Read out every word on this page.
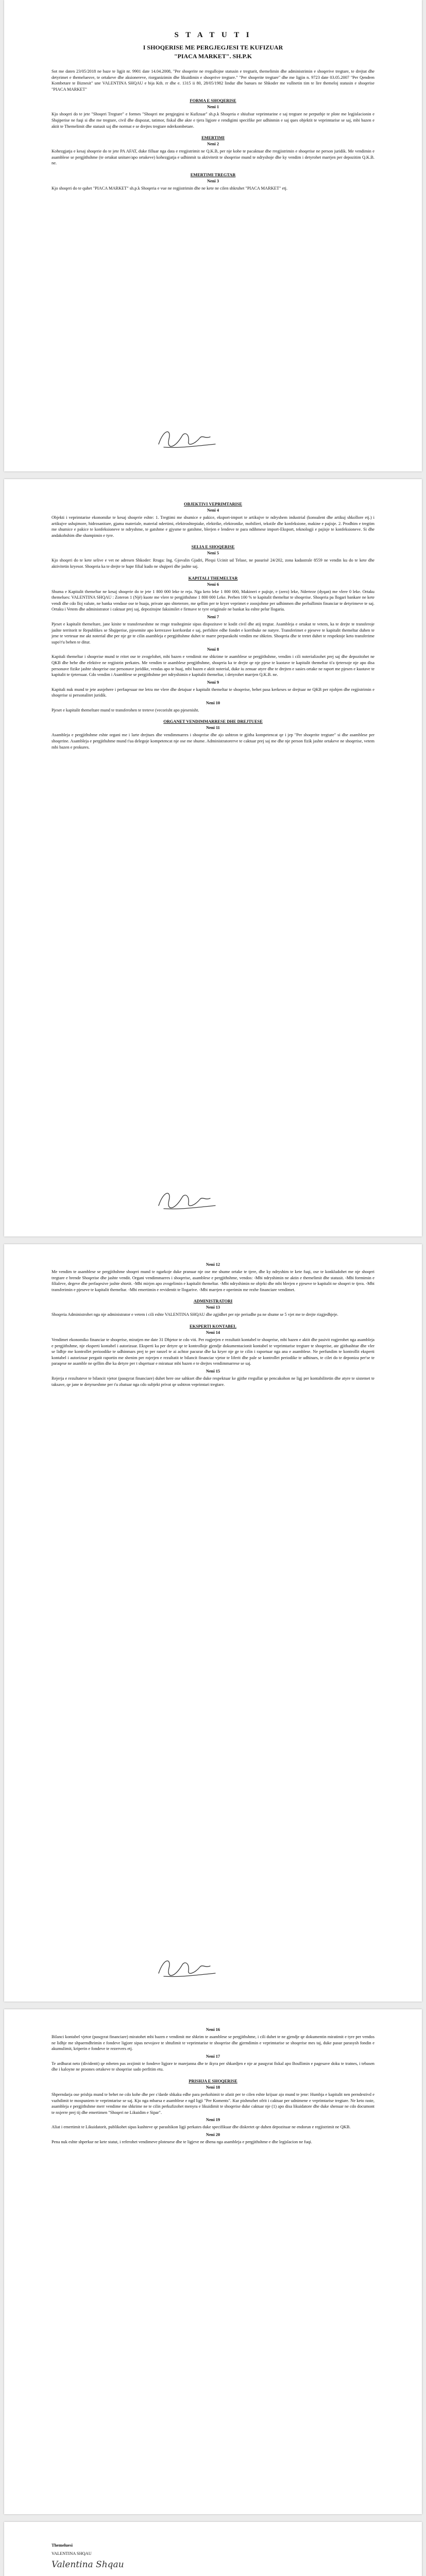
S T A T U T I
I SHOQERISE ME PERGJEGJESI TE KUFIZUAR
"PIACA MARKET". SH.P.K

Sot me daten 23/05/2018 ne baze te ligjit nr. 9901 date 14.04.2008, "Per shoqerite ne rregullojne statusin e tregtarit, themelimin dhe administrimin e shoqerive tregtare, te drejtat dhe detyrimet e themeluesve, te ortakeve dhe aksionereve, riorganizimin dhe likuidimin e shoqerive tregtare." "Per shoqerite tregtare" dhe me ligjin n. 9723 date 03.05.2007 "Per Qendren Kombetare te Biznesit" une VALENTINA SHQAU e bija Kth. rr dhe e. 1315 ii 80, 28/05/1982 lindur dhe banues ne Shkoder me vullnetin tim te lire themeloj statusin e shoqerise "PIACA MARKET"

FORMA E SHOQERISE
Neni 1

Kjo shoqeri do te jete "Shoqeri Tregtare" e formes "Shoqeri me pergjegjesi te Kufizuar" sh.p.k Shoqeria e shiufsur veprimtarine e saj tregtare ne perputhje te plote me legjislacionin e Shqiperise ne fuqi si dhe me tregtare, civil dhe dispozat, tatimor, fiskal dhe akte e tjera ligjore e rendigimi specifike per udhinmin e saj ques objektit te veprimtarise se saj, mbi bazen e aktit te Themelimit dhe statusit saj dhe normat e se drejtes tregtare nderkombetare.

EMERTIMI
Neni 2

Kohezgjatja e kesaj shoqerie do te jete PA AFAT, duke filluar nga data e rregjistrimit ne Q.K.B, per nje kohe te pacaktuar dhe rregjistrimin e shoqerise ne person juridik. Me vendimin e asamblese se pergjithshme (te ortakut unitare/apo ortakeve) kohezgjatja e udhinmit ta aktivitetit te shoqerise mund te ndryshoje dhe ky vendim i detyrohet marrjen per depozitim Q.K.B. ne.

EMERTIMI TREGTAR
Neni 3

Kjo shoqeri do te quhet "PIACA MARKET" sh.p.k Shoqeria e vue ne regjistrimin dhe ne kete ne cilen shkruhet "PIACA MARKET" etj.

OBJEKTIVI VEPRIMTARISE
Neni 4

Objekti i veprimtarise ekonomike te kesaj shoqerie eshte: 1. Tregtimi me shumice e pakice, eksport-import te artikujve te ndryshem industrial (konsulent dhe artikuj shkollore etj.) i artikujve ushqimore, hidrosanitare, gjama materiale, material ndertimi, elektroshtepiake, elektrike, elektronike, mobilieri, tekstile dhe konfeksione, makine e pajisje. 2. Prodhim e tregtim me shumice e pakice te konfeksioneve te ndryshme, te gatshme e gjysme te gatshme, blerjen e lendeve te para ndihmese import-Eksport, teknologji e pajisje te konfeksioneve. Si dhe andakohshim dhe shampimin e tyre.

SELIA E SHOQERISE
Neni 5

Kjo shoqeri do te kete selive e vet ne adresen Shkoder: Rruga: Ing. Gjovalin Gjadri, Pleqsi Ucinit ud Telase, ne pasurisë 24/202, zona kadastrale 8559 ne vendin ku do te kete dhe aktivitetin kryesor. Shoqeria ka te drejte te hape filial kudo ne shqiperi dhe jashte saj.

KAPITALI THEMELTAR
Neni 6

Shuma e Kapitalit themeltar ne kesaj shoqerie do te jete 1 800 000 leke te reja. Nga keto leke 1 800 000, Makineri e pajisje, e (zero) leke, Nderteze (dyqan) me vlere 0 leke. Ortaku themelues: VALENTINA SHQAU : Zoteron 1 (Një) kuote me vlere te pergjithshme 1 800 000 Leke. Perben 100 % te kapitalit themeltar te shoqerise. Shoqeria pa llogari bankare ne kete vendi dhe cdo lloj valute, ne banka vendase ose te huaja, private apo shteterore, me qellim per te kryer veprimet e zoosjohme per udhinmen dhe perballimin financiar te detyrimeve te saj. Ortaku i Vetem dhe administrator i caktuar prej saj, depozitojne faksimilet e firmave te tyre origjinale ne bankat ku eshte pelur llogaria.

Neni 7

Pjeset e kapitalit themeltare, jane kinite te transferueshme ne rruge trashegimie sipas dispozitave te kodit civil dhe atij tregtar. Asambleja e ortakut te vetem, ka te drejte te transferoje jashte territorit te Republikes se Shqiperise, pjesemite apo kerrezave korrkordat e saj, perfshire edhe fondet e korribuke ne natyre. Transferimet e pjeseve te kapitalit themeltar duhen te jene te verteuar me akt noterial dhe per nje ge te cilin asambleja e pergjithshme duhet te marre perparakohi vendim me shkrim. Shoqeria dhe te tretet duhet te respektoje keto transferime supo'r'u behen te ditur.

Neni 8

Kapitali themeltar i shoqerise mund te rritet ose te zvogelohet, mbi bazen e vendimit me shkrime te asamblese se pergjithshme, vendim i cili noterializohet prej saj dhe depozitohet ne QKB dhe behe dhe efektive ne regjistrin perkates. Me vendim te asamblese pergjithshme, shoqeria ka te drejte qe nje pjese te kuotave te kapitalit themeltar ti'a tjetersoje nje apo disa personave fizike jashte shoqerise ose personave juridike, vendas apo te huaj, mbi bazen e aktit noterial, duke iu zenuar atyre dhe te drejten e sasies ortake ne raport me pjesen e kuotave te kapitalit te tjetersuar. Cdo vendim i Asamblese se pergjithshme per ndryshimin e kapitalit themeltar, i detyrohet marrjen Q.K.B. ne.

Neni 9

Kapitali nuk mund te jete asnjehere i perfaqesuar me letra me vlere dhe detajuar e kapitalit themeltar te shoqerise, behet pasa kerkeses se drejtuar ne QKB per njohjen dhe regjistrimin e shoqerise si personalitet juridik.

Neni 10

Pjeset e kapitalit themeltare mund te transferohen te treteve (vecorisht apo pjesenisht.

ORGANET VENDIMMARRESE DHE DREJTUESE
Neni 11

Asambleja e pergjithshme eshte organi me i larte drejtues dhe vendimmarres i shoqerise dhe ajo ushtron te gjitha kompetencat qe i jep "Per shoqerite tregtare" si dhe asamblese per shoqerine. Asambleja e pergjithshme mund t'ua delegoje kompetencat nje ose me shume. Administratorerve te caktuar prej saj me dhe nje person fizik jashte ortakeve ne shoqerise, vetem mbi bazen e prokures.

Neni 12

Me vendim te asamblese se pergjithshme shoqeri mund te ngarkoje duke pranuar nje ose me shume ortake te tjere, dhe ky ndryshim te kete fuqi, ose te konkludohet me nje shoqeri tregtare e brende Shoqerise dhe jashte vendit. Organi vendimmarres i shoqerise, asamblese e pergjithshme, vendos: -Mbi ndryshimin ne aktin e themelimit dhe statusit. -Mbi formimin e filialeve, degeve dhe perfaqesive jashte shtetit. -Mbi mirjen apo zvogelimin e kapitalit themeltar. -Mbi ndryshimin ne objekt dhe mbi blerjen e pjeseve te kapitalit ne shoqeri te tjera. -Mbi transferimin e pjeseve te kapitalit themeltar. -Mbi emertimin e revidentit te llogarive. -Mbi marrjen e operimin me rezhe financiare vendimet.

ADMINISTRATORI
Neni 13

Shoqeria Administrohet nga nje administrator e vetem i cili eshte VALENTINA SHQAU dhe zgjidhet per nje periudhe pa ne shume se 5 vjet me te drejte rizgjedhjeje.

EKSPERTI KONTABEL
Neni 14

Vendimet ekonomiko financiar te shoqerise, miratjen me date 31 Dhjetor te cdo viti. Per rogjerjen e rezultatit kontabel te shoqerise, mbi bazen e aktit dhe pasivit rogjerohet nga asambleja e pergjithshme, nje eksperti kontabel i autorizuar. Eksperti ka per detyre qe te kontrolloje gjendje dokumentacionit kontabel te veprimtarise tregtare te shoqerise, ate gjithashtue dhe vler se lidhje me kontrollet perioodike te udhinmars prej te per ranzel te ai achtor pacurar dhe ka kryer nje ge te cilin i raportuar nga ana e asamblese. Ne perfundim te kontrollit eksperti kontabel i autorizuar pergatit raportin me shenim per rojerjen e rezultatit te bilancit financiar vjetor te liferit dhe pale se kontrollet periodike te udhinars, te cilet do te deponiza per'se te paraqese ne asamble ne qellim dhe ka detyre per t shqertuar e miratuar mbi bazen e te drejtes vendimmarrese se saj.

Neni 15

Rejerja e rezultateve te bilancit vjetor (pasqyrat financiare) duhet here ose sahkset dhe duke respektuar ke gjithe rregullat qe pencakohon ne ligj per kontabilitetin dhe atyre te sistemet te taksave, qe jane te detyrueshme per t'u zbatuar nga cdo subjekt privat qe ushtron veprimtari tregtare.

Neni 16

Bilanci kontabel vjetor (pasqyrat financiare) miratohet mbi bazen e vendimit me shkrim te asamblese se pergjithshme, i cili duhet te ne gjendje qe dokumentin miratimit e tyre per vendos ne lidhje me shpaerndhrimin e fondeve ligjore sipas nevojave te shtufimit te veprimtarise te shoqerise dhe gjerndimin e veprimtarise se shoqerise mes taj, duke pasur parasysh fondin e akumulimit, kriperin e fondeve te rezervers etj.

Neni 17

Te ardhurat neto (dividentt) qe mbeten pas zezjimit te fondeve ligjore te marejanna dhe te ikyra per shkardjen e nje ar pasqyrat fiskal apo Boullimin e pagesave doku te tratnes, i tebasen dhe i kaloyne ne proones ortakeve te shoqerise sado perfitim etu.

PRISHJA E SHOQERISE
Neni 18

Shperndarja ose prishja mund te behet ne cdo kohe dhe per c'darde shkaku edhe para perkohimit te afatit per te cilen eshte krijuar ajo mund te jene: Humbja e kapitalit nen perndestivd e vazhdimit te mospuniem te veprimtarise se saj. Kjo nga mbarsa e asamblese e ngd ligji "Per Koments". Kur pishmzhet ofrit i caktuar per udnimene e veprimtarise tregtare. Ne keto raste, asambleja e pergjithshme merr vendime me shkrime ne te cilin perkufizohet menyra e likuidimit te shoqerise duke caktuar nje (1) apo disa likuidatore dhe duke shenuar ne cdo documont te nxjerre prej tij dhe emertimen "Shoqeri ne Likuidim e Sipar".

Neni 19

Aliat i emertimit te Likuidatorit, publikohet sipas kushteve qe parashikon ligji perkates duke specifikuar dhe diskretet qe duhen depozituar ne endorun e regjistrimit ne QKB.

Neni 20

Pena nuk eshte shperkur ne kete statut, i referohet vendimeve ploteuese dhe te ligjeve ne dhena nga asambleja e pergjithshme e dhe legjslacion ne fuqi.

Themeluesi
VALENTINA SHQAU
Valentina Shqau
